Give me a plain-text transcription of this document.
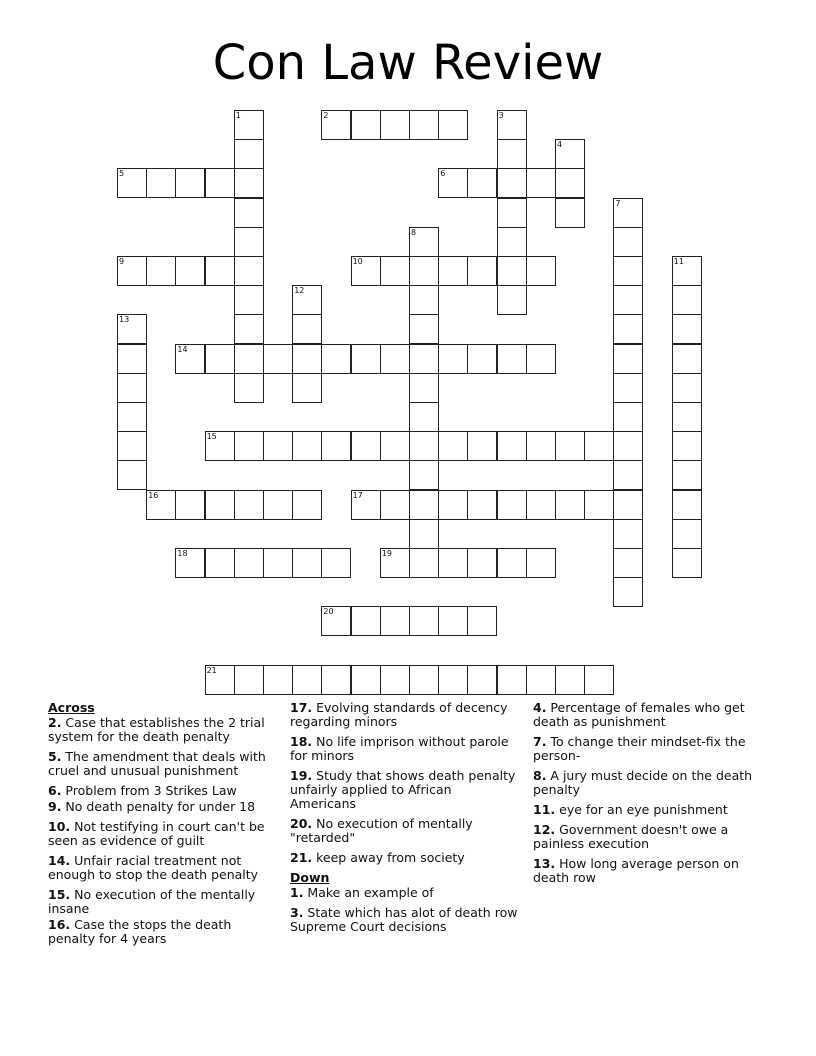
Con Law Review
1	2	3
4
5	6
7
8
9	10	11
12
13
14
15
16	17
18	19
20
21
Across
2. Case that establishes the 2 trial system for the death penalty
5. The amendment that deals with cruel and unusual punishment
6. Problem from 3 Strikes Law
9. No death penalty for under 18
10. Not testifying in court can't be seen as evidence of guilt
14. Unfair racial treatment not enough to stop the death penalty
15. No execution of the mentally insane
16. Case the stops the death penalty for 4 years
17. Evolving standards of decency regarding minors
18. No life imprison without parole for minors
19. Study that shows death penalty unfairly applied to African Americans
20. No execution of mentally "retarded"
21. keep away from society
Down
1. Make an example of
3. State which has alot of death row Supreme Court decisions
4. Percentage of females who get death as punishment
7. To change their mindset-fix the person-
8. A jury must decide on the death penalty
11. eye for an eye punishment
12. Government doesn't owe a painless execution
13. How long average person on death row
